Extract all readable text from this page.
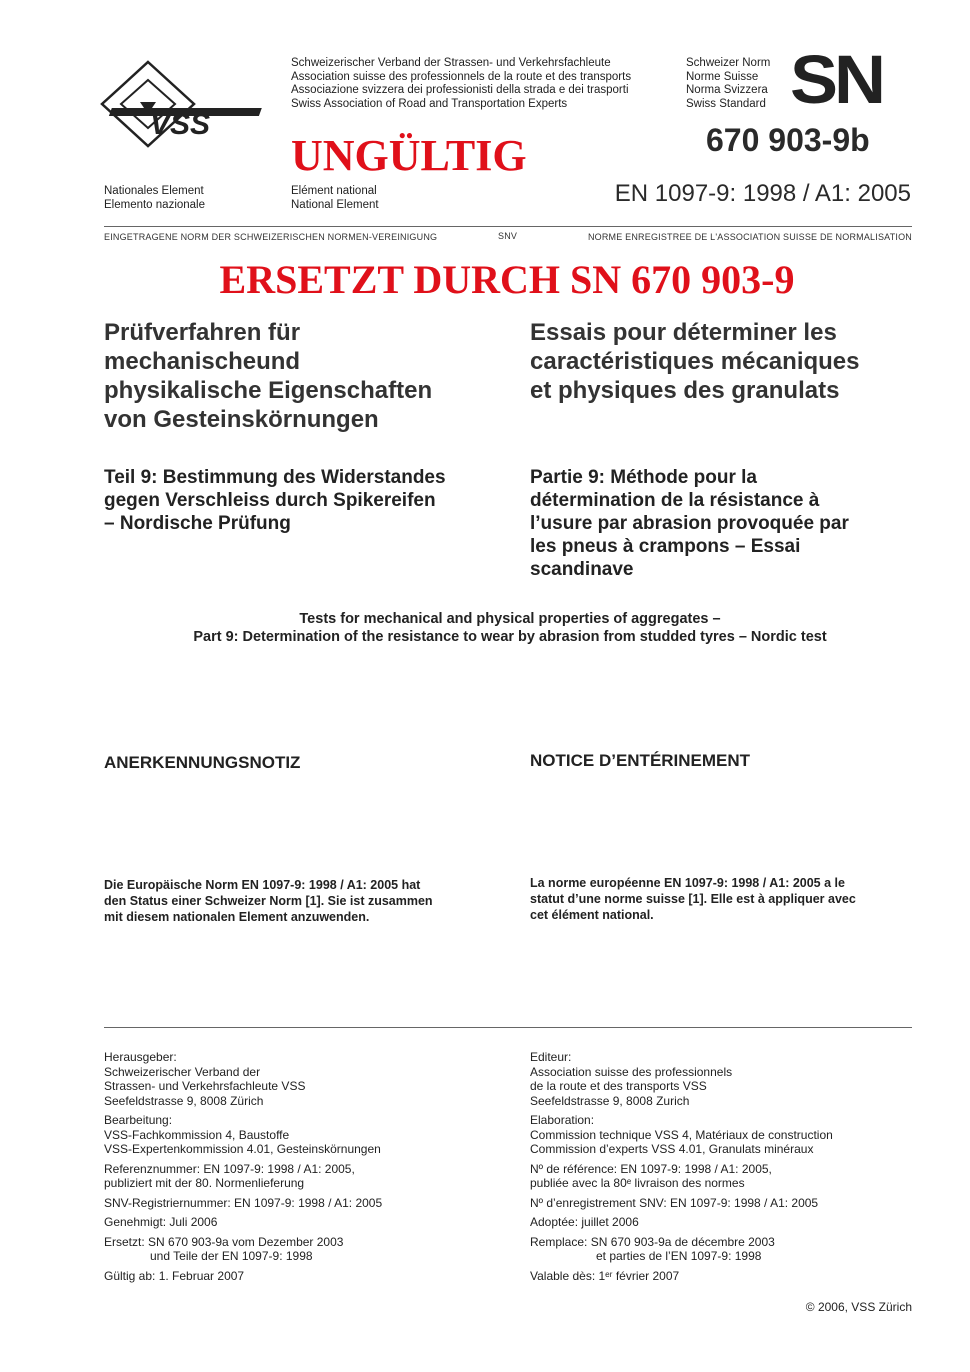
VSS
Schweizerischer Verband der Strassen- und Verkehrsfachleute
Association suisse des professionnels de la route et des transports
Associazione svizzera dei professionisti della strada e dei trasporti
Swiss Association of Road and Transportation Experts
Schweizer Norm
Norme Suisse
Norma Svizzera
Swiss Standard SN
670 903-9b
UNGÜLTIG
Nationales Element
Elemento nazionale
Elément national
National Element	EN 1097-9: 1998 / A1: 2005
EINGETRAGENE NORM DER SCHWEIZERISCHEN NORMEN-VEREINIGUNG	SNV	NORME ENREGISTREE DE L'ASSOCIATION SUISSE DE NORMALISATION
ERSETZT DURCH SN 670 903-9
Prüfverfahren für
mechanischeund
physikalische Eigenschaften
von Gesteinskörnungen
Essais pour déterminer les
caractéristiques mécaniques
et physiques des granulats
Teil 9: Bestimmung des Widerstandes
gegen Verschleiss durch Spikereifen
– Nordische Prüfung
Partie 9: Méthode pour la
détermination de la résistance à
l’usure par abrasion provoquée par
les pneus à crampons – Essai
scandinave
Tests for mechanical and physical properties of aggregates –
Part 9: Determination of the resistance to wear by abrasion from studded tyres – Nordic test
ANERKENNUNGSNOTIZ	NOTICE D’ENTÉRINEMENT
Die Europäische Norm EN 1097-9: 1998 / A1: 2005 hat
den Status einer Schweizer Norm [1]. Sie ist zusammen
mit diesem nationalen Element anzuwenden.
La norme européenne EN 1097-9: 1998 / A1: 2005 a le
statut d’une norme suisse [1]. Elle est à appliquer avec
cet élément national.

Herausgeber:
Schweizerischer Verband der
Strassen- und Verkehrsfachleute VSS
Seefeldstrasse 9, 8008 Zürich

Bearbeitung:
VSS-Fachkommission 4, Baustoffe
VSS-Expertenkommission 4.01, Gesteinskörnungen

Referenznummer: EN 1097-9: 1998 / A1: 2005,
publiziert mit der 80. Normenlieferung

SNV-Registriernummer: EN 1097-9: 1998 / A1: 2005

Genehmigt: Juli 2006

Ersetzt: SN 670 903-9a vom Dezember 2003
und Teile der EN 1097-9: 1998

Gültig ab: 1. Februar 2007

Editeur:
Association suisse des professionnels
de la route et des transports VSS
Seefeldstrasse 9, 8008 Zurich

Elaboration:
Commission technique VSS 4, Matériaux de construction
Commission d’experts VSS 4.01, Granulats minéraux

Nº de référence: EN 1097-9: 1998 / A1: 2005,
publiée avec la 80ᵉ livraison des normes

Nº d’enregistrement SNV: EN 1097-9: 1998 / A1: 2005

Adoptée: juillet 2006

Remplace: SN 670 903-9a de décembre 2003
et parties de l’EN 1097-9: 1998

Valable dès: 1ᵉʳ février 2007

© 2006, VSS Zürich
